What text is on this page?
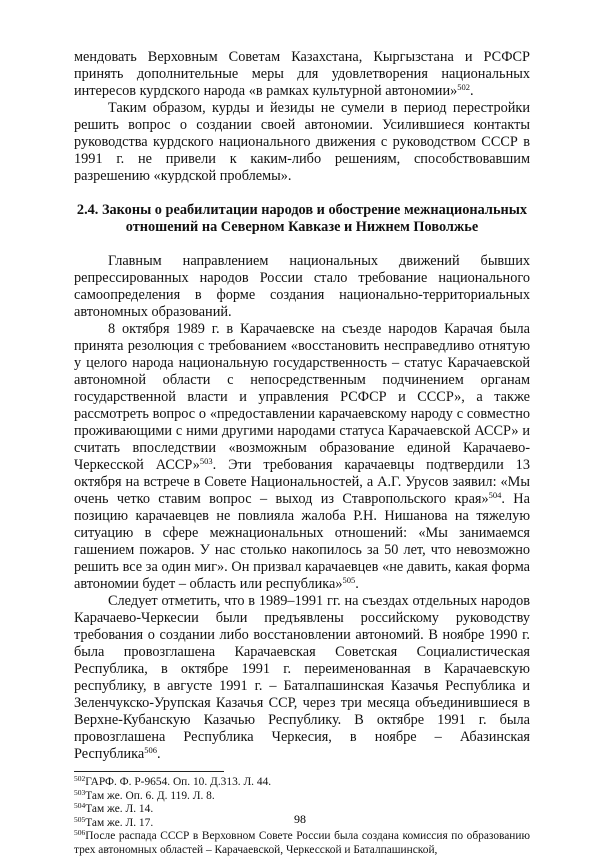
мендовать Верховным Советам Казахстана, Кыргызстана и РСФСР принять дополнительные меры для удовлетворения национальных интересов курдского народа «в рамках культурной автономии»$^{502}$.

Таким образом, курды и йезиды не сумели в период перестройки решить вопрос о создании своей автономии. Усилившиеся контакты руководства курдского национального движения с руководством СССР в 1991 г. не привели к каким-либо решениям, способствовавшим разрешению «курдской проблемы».

2.4. Законы о реабилитации народов и обострение межнациональных отношений на Северном Кавказе и Нижнем Поволжье

Главным направлением национальных движений бывших репрессированных народов России стало требование национального самоопределения в форме создания национально-территориальных автономных образований.

8 октября 1989 г. в Карачаевске на съезде народов Карачая была принята резолюция с требованием «восстановить несправедливо отнятую у целого народа национальную государственность – статус Карачаевской автономной области с непосредственным подчинением органам государственной власти и управления РСФСР и СССР», а также рассмотреть вопрос о «предоставлении карачаевскому народу с совместно проживающими с ними другими народами статуса Карачаевской АССР» и считать впоследствии «возможным образование единой Карачаево-Черкесской АССР»$^{503}$. Эти требования карачаевцы подтвердили 13 октября на встрече в Совете Национальностей, а А.Г. Урусов заявил: «Мы очень четко ставим вопрос – выход из Ставропольского края»$^{504}$. На позицию карачаевцев не повлияла жалоба Р.Н. Нишанова на тяжелую ситуацию в сфере межнациональных отношений: «Мы занимаемся гашением пожаров. У нас столько накопилось за 50 лет, что невозможно решить все за один миг». Он призвал карачаевцев «не давить, какая форма автономии будет – область или республика»$^{505}$.

Следует отметить, что в 1989–1991 гг. на съездах отдельных народов Карачаево-Черкесии были предъявлены российскому руководству требования о создании либо восстановлении автономий. В ноябре 1990 г. была провозглашена Карачаевская Советская Социалистическая Республика, в октябре 1991 г. переименованная в Карачаевскую республику, в августе 1991 г. – Баталпашинская Казачья Республика и Зеленчукско-Урупская Казачья ССР, через три месяца объединившиеся в Верхне-Кубанскую Казачью Республику. В октябре 1991 г. была провозглашена Республика Черкесия, в ноябре – Абазинская Республика$^{506}$.

$^{502}$ГАРФ. Ф. Р-9654. Оп. 10. Д.313. Л. 44.

$^{503}$Там же. Оп. 6. Д. 119. Л. 8.

$^{504}$Там же. Л. 14.

$^{505}$Там же. Л. 17.

$^{506}$После распада СССР в Верховном Совете России была создана комиссия по образованию трех автономных областей – Карачаевской, Черкесской и Баталпашинской,

98
